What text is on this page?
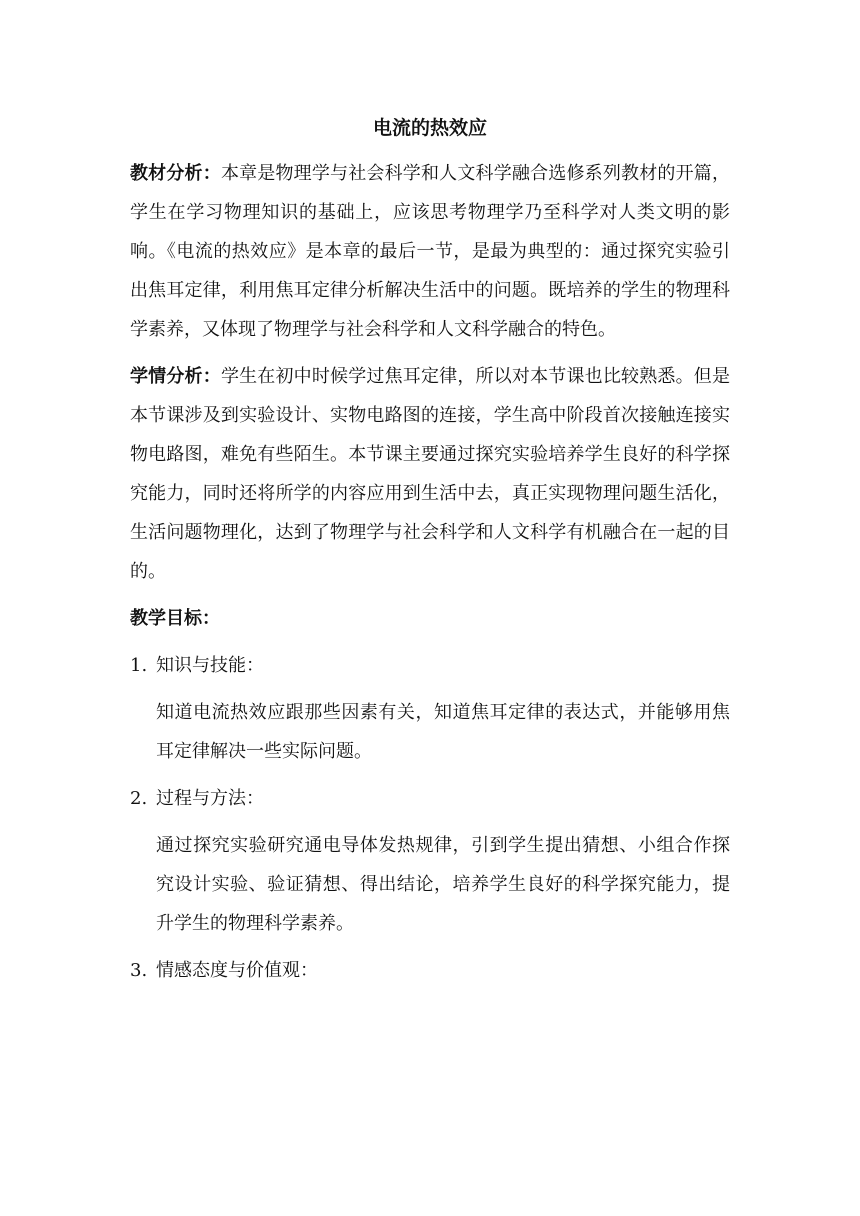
电流的热效应

教材分析：本章是物理学与社会科学和人文科学融合选修系列教材的开篇，学生在学习物理知识的基础上，应该思考物理学乃至科学对人类文明的影响。《电流的热效应》是本章的最后一节，是最为典型的：通过探究实验引出焦耳定律，利用焦耳定律分析解决生活中的问题。既培养的学生的物理科学素养，又体现了物理学与社会科学和人文科学融合的特色。

学情分析：学生在初中时候学过焦耳定律，所以对本节课也比较熟悉。但是本节课涉及到实验设计、实物电路图的连接，学生高中阶段首次接触连接实物电路图，难免有些陌生。本节课主要通过探究实验培养学生良好的科学探究能力，同时还将所学的内容应用到生活中去，真正实现物理问题生活化，生活问题物理化，达到了物理学与社会科学和人文科学有机融合在一起的目的。

教学目标：

1. 知识与技能：

知道电流热效应跟那些因素有关，知道焦耳定律的表达式，并能够用焦耳定律解决一些实际问题。

2. 过程与方法：

通过探究实验研究通电导体发热规律，引到学生提出猜想、小组合作探究设计实验、验证猜想、得出结论，培养学生良好的科学探究能力，提升学生的物理科学素养。

3. 情感态度与价值观：
